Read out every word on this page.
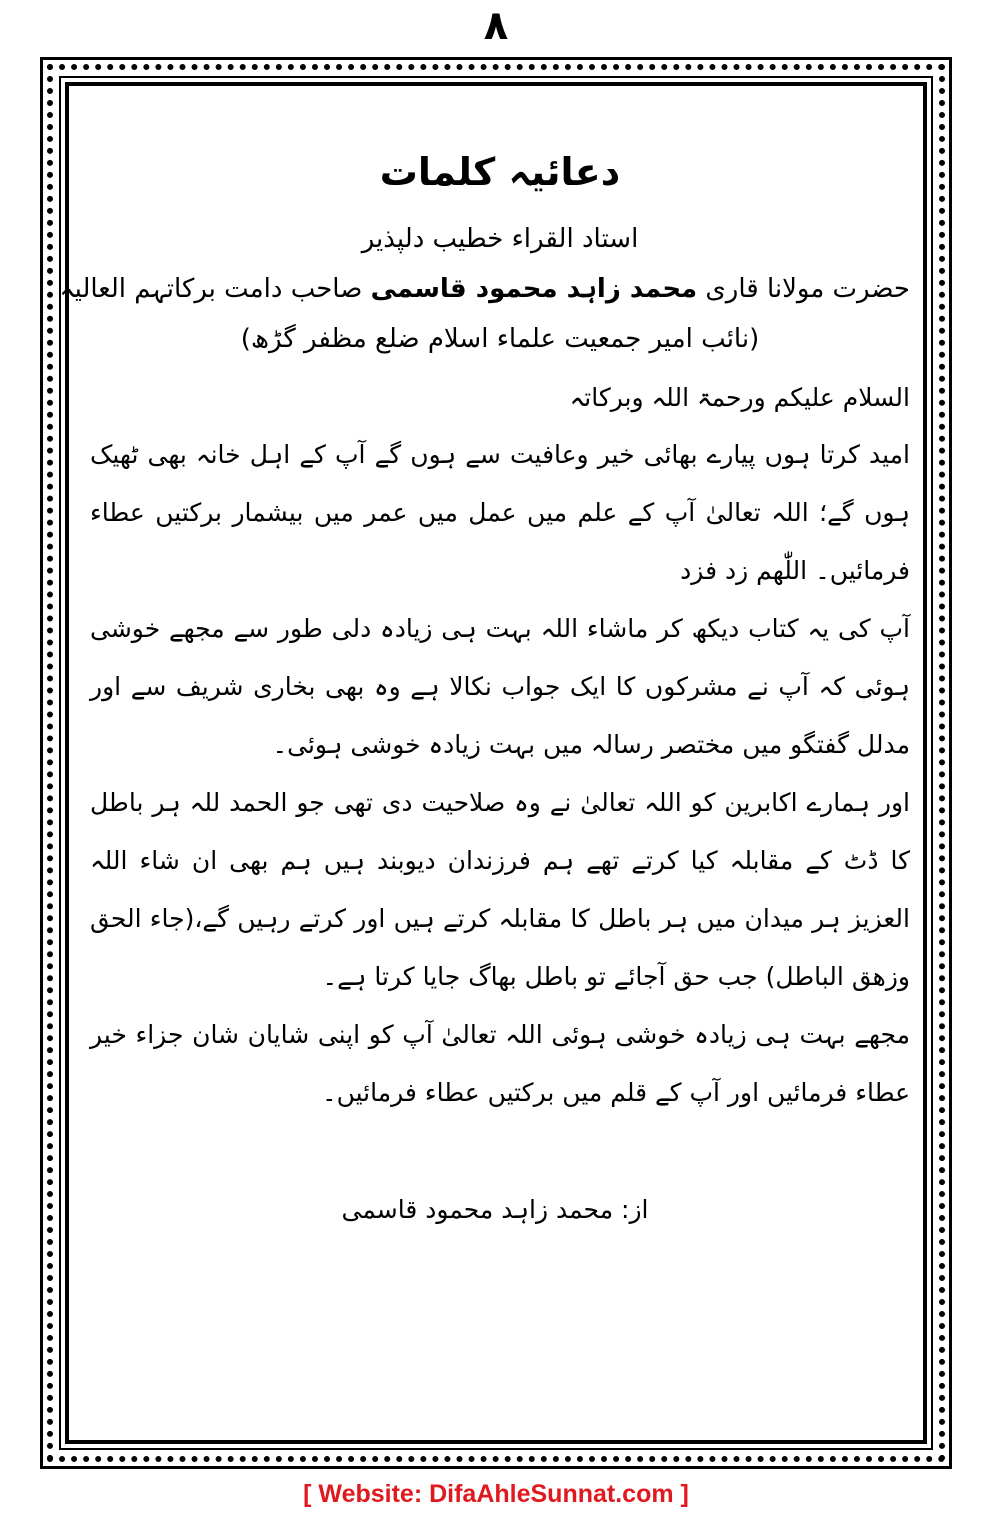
۸
دعائیہ کلمات
استاد القراء خطیب دلپذیر
حضرت مولانا قاری محمد زاہد محمود قاسمی صاحب دامت برکاتہم العالیہ
(نائب امیر جمعیت علماء اسلام ضلع مظفر گڑھ)
السلام علیکم ورحمۃ اللہ وبرکاتہ

امید کرتا ہوں پیارے بھائی خیر وعافیت سے ہوں گے آپ کے اہل خانہ بھی ٹھیک ہوں گے؛ اللہ تعالیٰ آپ کے علم میں عمل میں عمر میں بیشمار برکتیں عطاء فرمائیں۔ اللّٰھم زد فزد

آپ کی یہ کتاب دیکھ کر ماشاء اللہ بہت ہی زیادہ دلی طور سے مجھے خوشی ہوئی کہ آپ نے مشرکوں کا ایک جواب نکالا ہے وہ بھی بخاری شریف سے اور مدلل گفتگو میں مختصر رسالہ میں بہت زیادہ خوشی ہوئی۔

اور ہمارے اکابرین کو اللہ تعالیٰ نے وہ صلاحیت دی تھی جو الحمد للہ ہر باطل کا ڈٹ کے مقابلہ کیا کرتے تھے ہم فرزندان دیوبند ہیں ہم بھی ان شاء اللہ العزیز ہر میدان میں ہر باطل کا مقابلہ کرتے ہیں اور کرتے رہیں گے،(جاء الحق وزھق الباطل) جب حق آجائے تو باطل بھاگ جایا کرتا ہے۔

مجھے بہت ہی زیادہ خوشی ہوئی اللہ تعالیٰ آپ کو اپنی شایان شان جزاء خیر عطاء فرمائیں اور آپ کے قلم میں برکتیں عطاء فرمائیں۔

از: محمد زاہد محمود قاسمی
[ Website: DifaAhleSunnat.com ]
